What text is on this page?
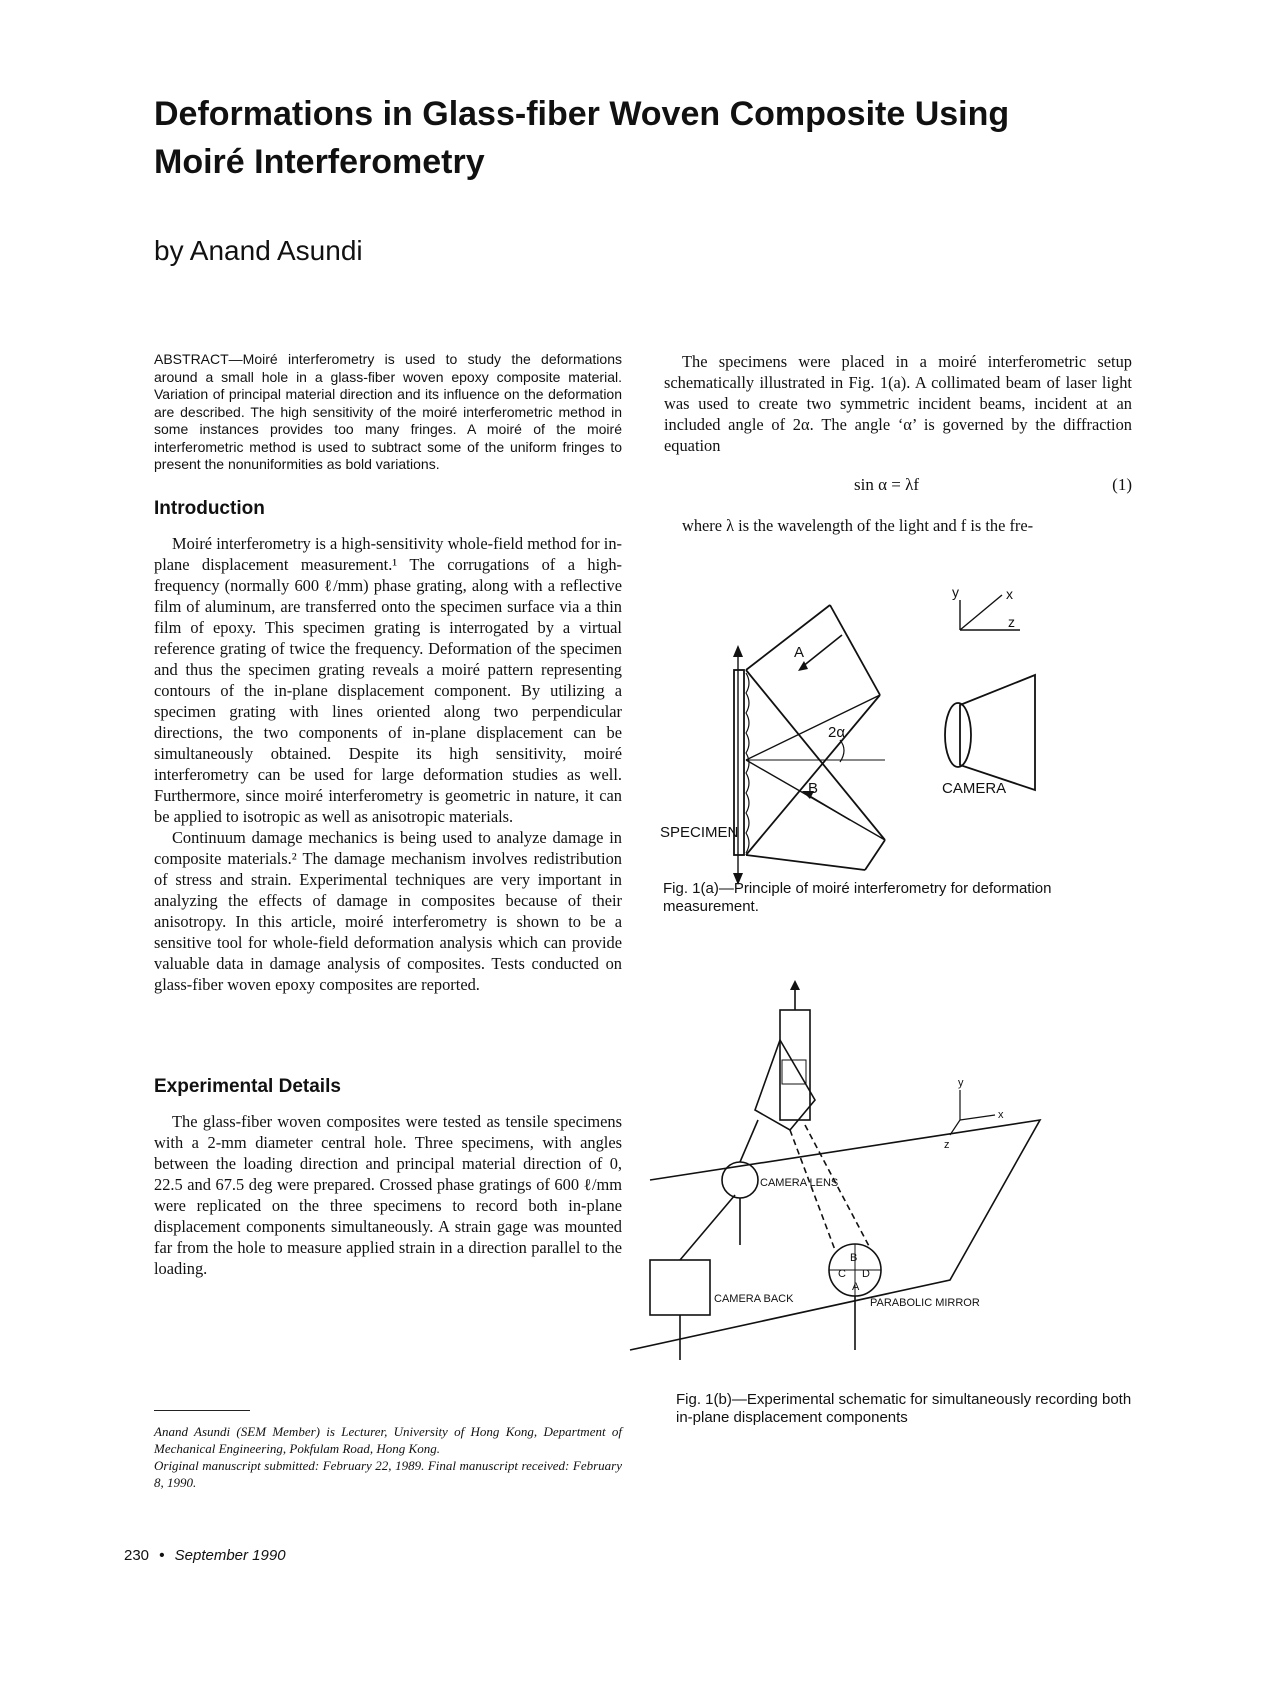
Deformations in Glass-fiber Woven Composite Using Moiré Interferometry
by Anand Asundi

ABSTRACT—Moiré interferometry is used to study the deformations around a small hole in a glass-fiber woven epoxy composite material. Variation of principal material direction and its influence on the deformation are described. The high sensitivity of the moiré interferometric method in some instances provides too many fringes. A moiré of the moiré interferometric method is used to subtract some of the uniform fringes to present the nonuniformities as bold variations.

Introduction

Moiré interferometry is a high-sensitivity whole-field method for in-plane displacement measurement.¹ The corrugations of a high-frequency (normally 600 ℓ/mm) phase grating, along with a reflective film of aluminum, are transferred onto the specimen surface via a thin film of epoxy. This specimen grating is interrogated by a virtual reference grating of twice the frequency. Deformation of the specimen and thus the specimen grating reveals a moiré pattern representing contours of the in-plane displacement component. By utilizing a specimen grating with lines oriented along two perpendicular directions, the two components of in-plane displacement can be simultaneously obtained. Despite its high sensitivity, moiré interferometry can be used for large deformation studies as well. Furthermore, since moiré interferometry is geometric in nature, it can be applied to isotropic as well as anisotropic materials.

Continuum damage mechanics is being used to analyze damage in composite materials.² The damage mechanism involves redistribution of stress and strain. Experimental techniques are very important in analyzing the effects of damage in composites because of their anisotropy. In this article, moiré interferometry is shown to be a sensitive tool for whole-field deformation analysis which can provide valuable data in damage analysis of composites. Tests conducted on glass-fiber woven epoxy composites are reported.

Experimental Details

The glass-fiber woven composites were tested as tensile specimens with a 2-mm diameter central hole. Three specimens, with angles between the loading direction and principal material direction of 0, 22.5 and 67.5 deg were prepared. Crossed phase gratings of 600 ℓ/mm were replicated on the three specimens to record both in-plane displacement components simultaneously. A strain gage was mounted far from the hole to measure applied strain in a direction parallel to the loading.

Anand Asundi (SEM Member) is Lecturer, University of Hong Kong, Department of Mechanical Engineering, Pokfulam Road, Hong Kong.

Original manuscript submitted: February 22, 1989. Final manuscript received: February 8, 1990.

The specimens were placed in a moiré interferometric setup schematically illustrated in Fig. 1(a). A collimated beam of laser light was used to create two symmetric incident beams, incident at an included angle of 2α. The angle ‘α’ is governed by the diffraction equation

sin α = λf	(1)

where λ is the wavelength of the light and f is the fre-

y	x
z
A
B
2α
CAMERA
SPECIMEN

Fig. 1(a)—Principle of moiré interferometry for deformation measurement.

y
x
z
CAMERA LENS
CAMERA BACK	PARABOLIC MIRROR
A
B
C D

Fig. 1(b)—Experimental schematic for simultaneously recording both in-plane displacement components

230 • September 1990
